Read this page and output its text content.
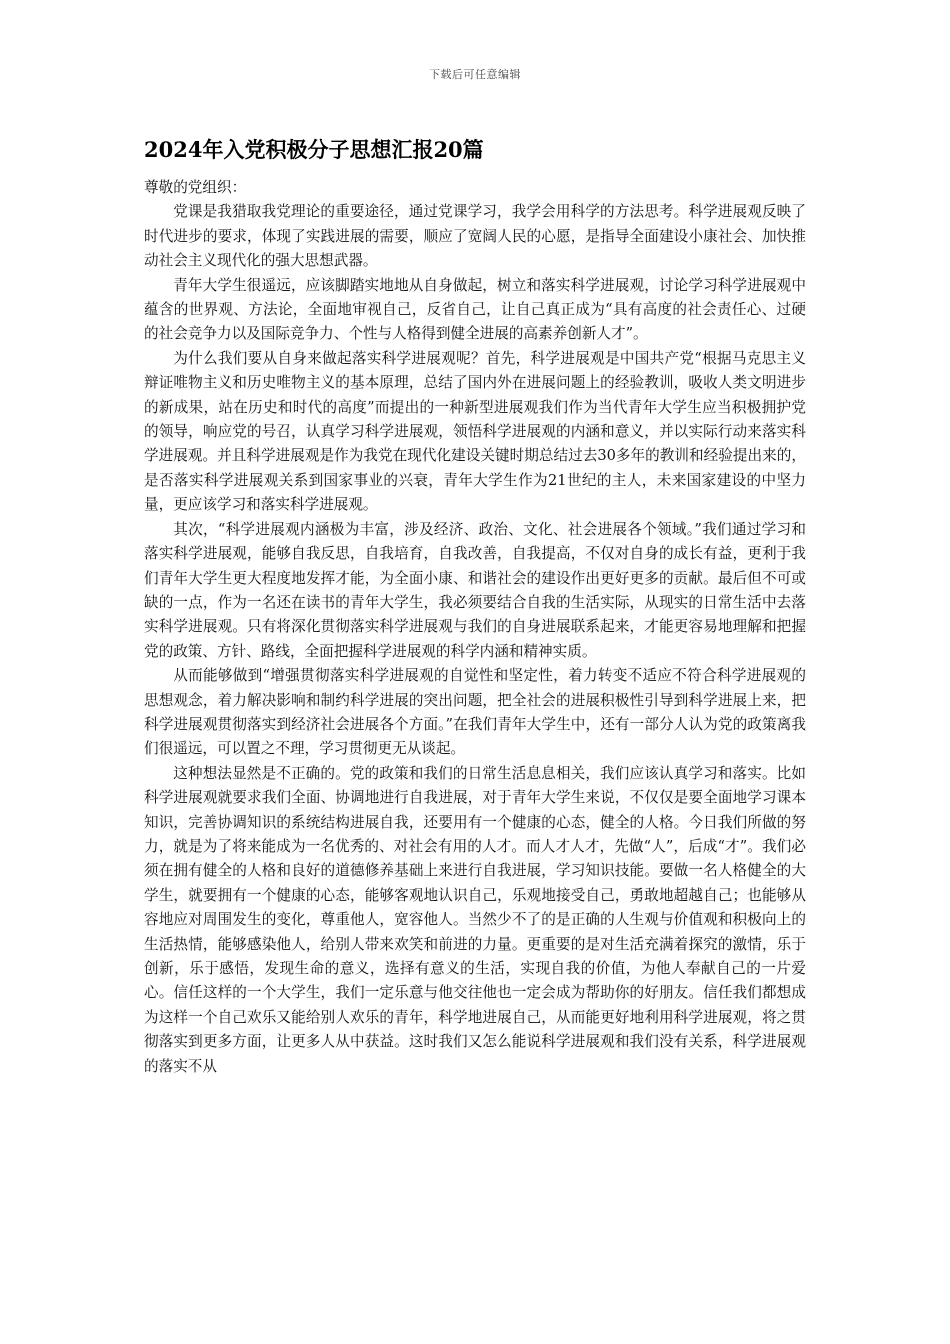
下载后可任意编辑
2024年入党积极分子思想汇报20篇

尊敬的党组织：

党课是我猎取我党理论的重要途径，通过党课学习，我学会用科学的方法思考。科学进展观反映了时代进步的要求，体现了实践进展的需要，顺应了宽阔人民的心愿，是指导全面建设小康社会、加快推动社会主义现代化的强大思想武器。

青年大学生很遥远，应该脚踏实地地从自身做起，树立和落实科学进展观，讨论学习科学进展观中蕴含的世界观、方法论，全面地审视自己，反省自己，让自己真正成为“具有高度的社会责任心、过硬的社会竞争力以及国际竞争力、个性与人格得到健全进展的高素养创新人才”。

为什么我们要从自身来做起落实科学进展观呢？首先，科学进展观是中国共产党“根据马克思主义辩证唯物主义和历史唯物主义的基本原理，总结了国内外在进展问题上的经验教训，吸收人类文明进步的新成果，站在历史和时代的高度”而提出的一种新型进展观我们作为当代青年大学生应当积极拥护党的领导，响应党的号召，认真学习科学进展观，领悟科学进展观的内涵和意义，并以实际行动来落实科学进展观。并且科学进展观是作为我党在现代化建设关键时期总结过去30多年的教训和经验提出来的，是否落实科学进展观关系到国家事业的兴衰，青年大学生作为21世纪的主人，未来国家建设的中坚力量，更应该学习和落实科学进展观。

其次，“科学进展观内涵极为丰富，涉及经济、政治、文化、社会进展各个领域。”我们通过学习和落实科学进展观，能够自我反思，自我培育，自我改善，自我提高，不仅对自身的成长有益，更利于我们青年大学生更大程度地发挥才能，为全面小康、和谐社会的建设作出更好更多的贡献。最后但不可或缺的一点，作为一名还在读书的青年大学生，我必须要结合自我的生活实际，从现实的日常生活中去落实科学进展观。只有将深化贯彻落实科学进展观与我们的自身进展联系起来，才能更容易地理解和把握党的政策、方针、路线，全面把握科学进展观的科学内涵和精神实质。

从而能够做到“增强贯彻落实科学进展观的自觉性和坚定性，着力转变不适应不符合科学进展观的思想观念，着力解决影响和制约科学进展的突出问题，把全社会的进展积极性引导到科学进展上来，把科学进展观贯彻落实到经济社会进展各个方面。”在我们青年大学生中，还有一部分人认为党的政策离我们很遥远，可以置之不理，学习贯彻更无从谈起。

这种想法显然是不正确的。党的政策和我们的日常生活息息相关，我们应该认真学习和落实。比如科学进展观就要求我们全面、协调地进行自我进展，对于青年大学生来说，不仅仅是要全面地学习课本知识，完善协调知识的系统结构进展自我，还要用有一个健康的心态，健全的人格。今日我们所做的努力，就是为了将来能成为一名优秀的、对社会有用的人才。而人才人才，先做“人”，后成“才”。我们必须在拥有健全的人格和良好的道德修养基础上来进行自我进展，学习知识技能。要做一名人格健全的大学生，就要拥有一个健康的心态，能够客观地认识自己，乐观地接受自己，勇敢地超越自己；也能够从容地应对周围发生的变化，尊重他人，宽容他人。当然少不了的是正确的人生观与价值观和积极向上的生活热情，能够感染他人，给别人带来欢笑和前进的力量。更重要的是对生活充满着探究的激情，乐于创新，乐于感悟，发现生命的意义，选择有意义的生活，实现自我的价值，为他人奉献自己的一片爱心。信任这样的一个大学生，我们一定乐意与他交往他也一定会成为帮助你的好朋友。信任我们都想成为这样一个自己欢乐又能给别人欢乐的青年，科学地进展自己，从而能更好地利用科学进展观，将之贯彻落实到更多方面，让更多人从中获益。这时我们又怎么能说科学进展观和我们没有关系，科学进展观的落实不从
